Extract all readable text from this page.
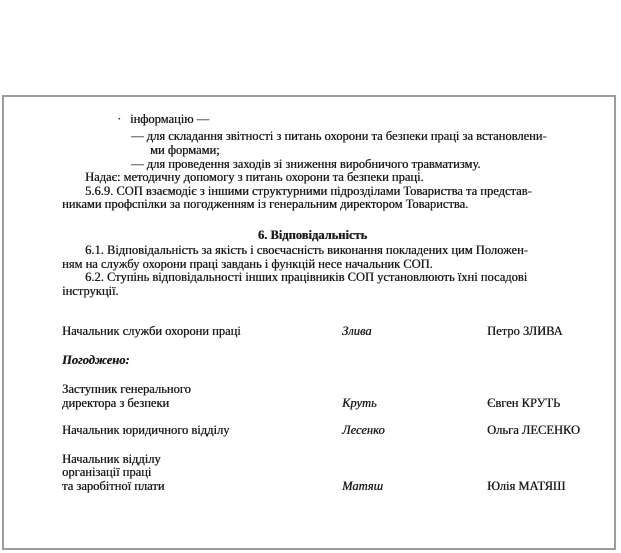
· інформацію —
— для складання звітності з питань охорони та безпеки праці за встановлени-
ми формами;
— для проведення заходів зі зниження виробничого травматизму.
Надає: методичну допомогу з питань охорони та безпеки праці.
5.6.9. СОП взаємодіє з іншими структурними підрозділами Товариства та представ-
никами профспілки за погодженням із генеральним директором Товариства.
6. Відповідальність
6.1. Відповідальність за якість і своєчасність виконання покладених цим Положен-
ням на службу охорони праці завдань і функцій несе начальник СОП.
6.2. Ступінь відповідальності інших працівників СОП установлюють їхні посадові
інструкції.
Начальник служби охорони праці	Злива	Петро ЗЛИВА
Погоджено:
Заступник генерального
директора з безпеки	Круть	Євген КРУТЬ
Начальник юридичного відділу	Лесенко	Ольга ЛЕСЕНКО
Начальник відділу
організації праці
та заробітної плати	Матяш	Юлія МАТЯШ
